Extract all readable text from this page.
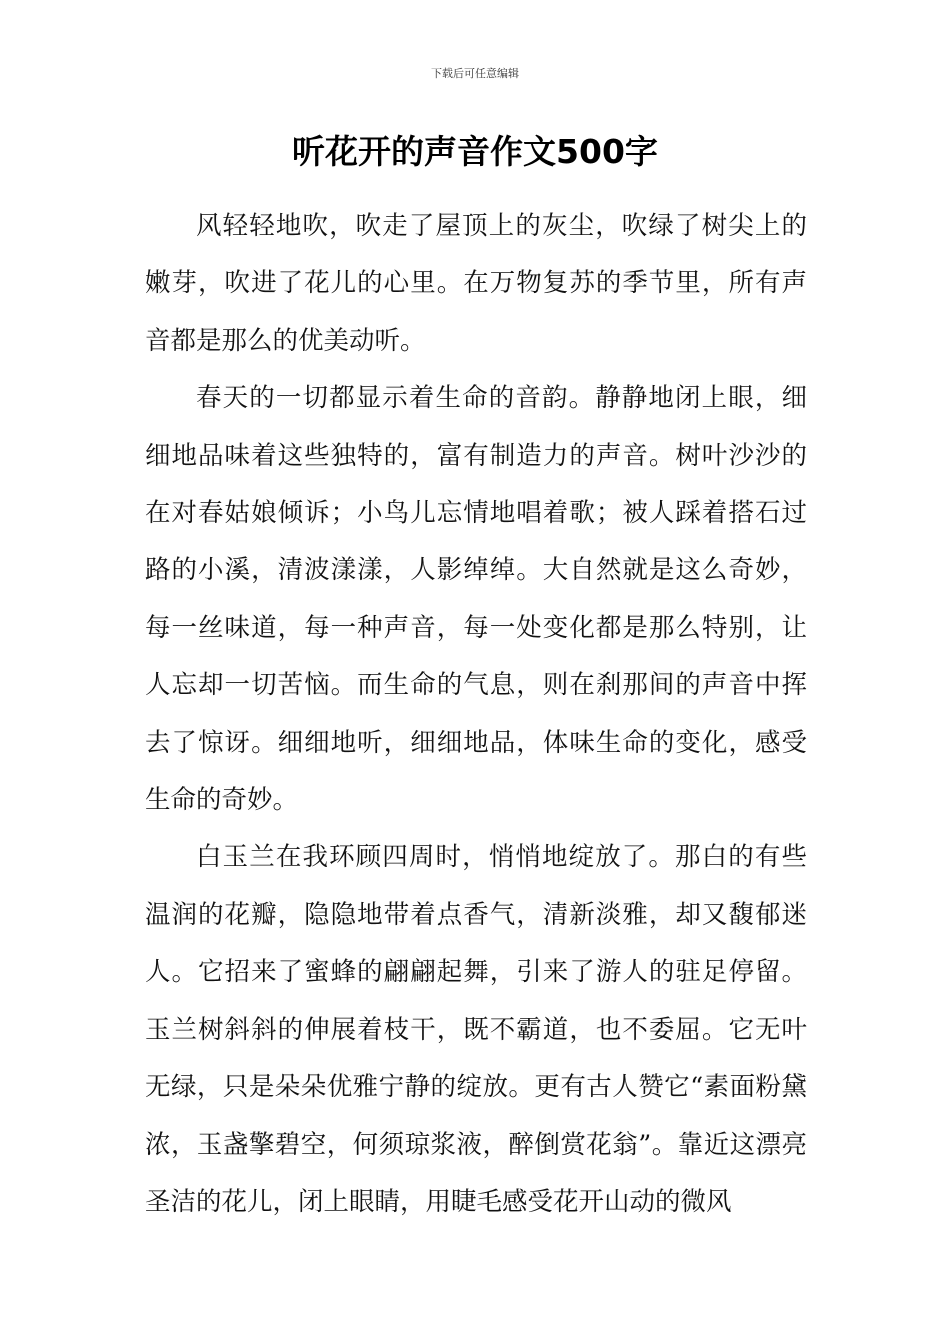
下载后可任意编辑
听花开的声音作文500字

风轻轻地吹，吹走了屋顶上的灰尘，吹绿了树尖上的嫩芽，吹进了花儿的心里。在万物复苏的季节里，所有声音都是那么的优美动听。

春天的一切都显示着生命的音韵。静静地闭上眼，细细地品味着这些独特的，富有制造力的声音。树叶沙沙的在对春姑娘倾诉；小鸟儿忘情地唱着歌；被人踩着搭石过路的小溪，清波漾漾，人影绰绰。大自然就是这么奇妙，每一丝味道，每一种声音，每一处变化都是那么特别，让人忘却一切苦恼。而生命的气息，则在刹那间的声音中挥去了惊讶。细细地听，细细地品，体味生命的变化，感受生命的奇妙。

白玉兰在我环顾四周时，悄悄地绽放了。那白的有些温润的花瓣，隐隐地带着点香气，清新淡雅，却又馥郁迷人。它招来了蜜蜂的翩翩起舞，引来了游人的驻足停留。玉兰树斜斜的伸展着枝干，既不霸道，也不委屈。它无叶无绿，只是朵朵优雅宁静的绽放。更有古人赞它“素面粉黛浓，玉盏擎碧空，何须琼浆液，醉倒赏花翁”。靠近这漂亮圣洁的花儿，闭上眼睛，用睫毛感受花开山动的微风
